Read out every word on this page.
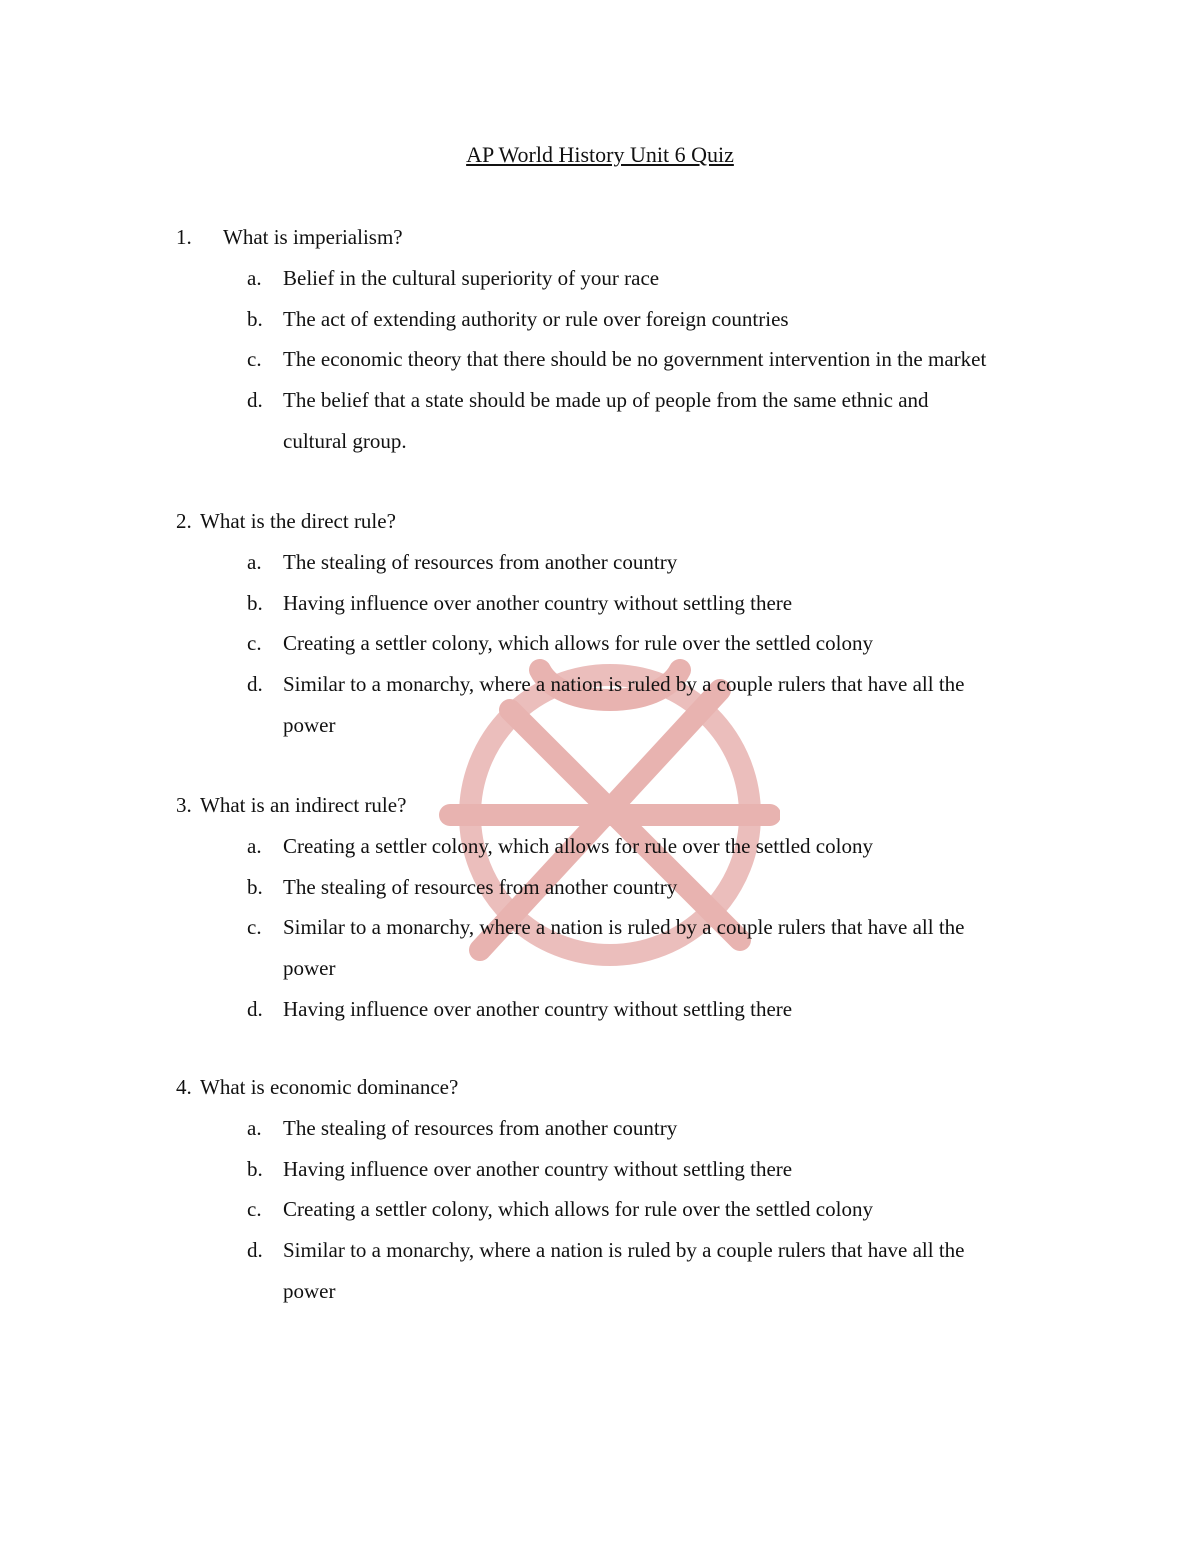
AP World History Unit 6 Quiz
1. What is imperialism?
a. Belief in the cultural superiority of your race
b. The act of extending authority or rule over foreign countries
c. The economic theory that there should be no government intervention in the market
d. The belief that a state should be made up of people from the same ethnic and
cultural group.
2. What is the direct rule?
a. The stealing of resources from another country
b. Having influence over another country without settling there
c. Creating a settler colony, which allows for rule over the settled colony
d. Similar to a monarchy, where a nation is ruled by a couple rulers that have all the
power
3. What is an indirect rule?
a. Creating a settler colony, which allows for rule over the settled colony
b. The stealing of resources from another country
c. Similar to a monarchy, where a nation is ruled by a couple rulers that have all the
power
d. Having influence over another country without settling there
4. What is economic dominance?
a. The stealing of resources from another country
b. Having influence over another country without settling there
c. Creating a settler colony, which allows for rule over the settled colony
d. Similar to a monarchy, where a nation is ruled by a couple rulers that have all the
power
